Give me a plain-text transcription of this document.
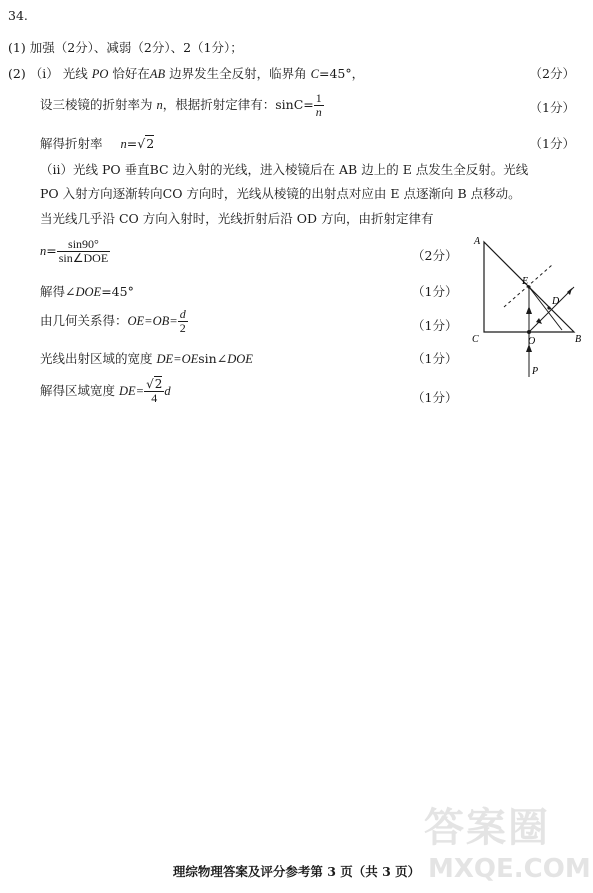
34.
(1) 加强（2分）、减弱（2分）、2（1分）；
(2) （ⅰ） 光线 PO 恰好在AB 边界发生全反射，临界角 C=45°，	（2分）
设三棱镜的折射率为 n，根据折射定律有：$\sin C= \frac{1}{n}$	（1分）
解得折射率 n=√2	（1分）
（ⅱ）光线 PO 垂直BC 边入射的光线，进入棱镜后在 AB 边上的 E 点发生全反射。光线
PO 入射方向逐渐转向CO 方向时，光线从棱镜的出射点对应由 E 点逐渐向 B 点移动。
当光线几乎沿 CO 方向入射时，光线折射后沿 OD 方向，由折射定律有
$n= \frac{\sin 90^\circ}{\text{sin∠DOE}}$	（2分）
解得∠DOE=45°	（1分）
由几何关系得：$OE=OB= \frac{d}{2}$	（1分）
光线出射区域的宽度 DE=OEsin∠DOE	（1分）
解得区域宽度 $DE= \frac{√2}{4}$ d	（1分）
A
C	B
O
E
D
P
答案圈
MXQE.COM
理综物理答案及评分参考第 3 页（共 3 页）
